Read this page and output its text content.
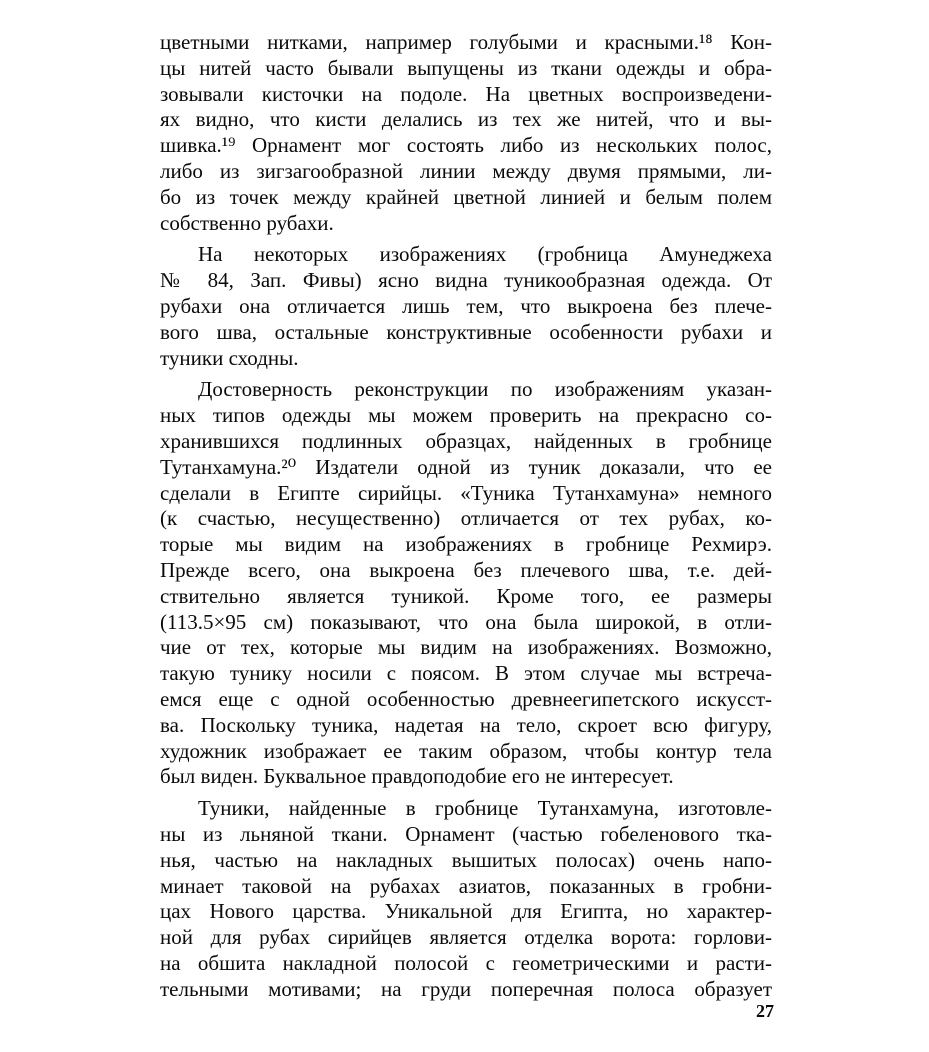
цветными нитками, например голубыми и красными.¹⁸ Кон-
цы нитей часто бывали выпущены из ткани одежды и обра-
зовывали кисточки на подоле. На цветных воспроизведени-
ях видно, что кисти делались из тех же нитей, что и вы-
шивка.¹⁹ Орнамент мог состоять либо из нескольких полос,
либо из зигзагообразной линии между двумя прямыми, ли-
бо из точек между крайней цветной линией и белым полем
собственно рубахи.
На некоторых изображениях (гробница Амунеджеха
№ 84, Зап. Фивы) ясно видна туникообразная одежда. От
рубахи она отличается лишь тем, что выкроена без плече-
вого шва, остальные конструктивные особенности рубахи и
туники сходны.
Достоверность реконструкции по изображениям указан-
ных типов одежды мы можем проверить на прекрасно со-
хранившихся подлинных образцах, найденных в гробнице
Тутанхамуна.²⁰ Издатели одной из туник доказали, что ее
сделали в Египте сирийцы. «Туника Тутанхамуна» немного
(к счастью, несущественно) отличается от тех рубах, ко-
торые мы видим на изображениях в гробнице Рехмирэ.
Прежде всего, она выкроена без плечевого шва, т.е. дей-
ствительно является туникой. Кроме того, ее размеры
(113.5×95 см) показывают, что она была широкой, в отли-
чие от тех, которые мы видим на изображениях. Возможно,
такую тунику носили с поясом. В этом случае мы встреча-
емся еще с одной особенностью древнеегипетского искусст-
ва. Поскольку туника, надетая на тело, скроет всю фигуру,
художник изображает ее таким образом, чтобы контур тела
был виден. Буквальное правдоподобие его не интересует.
Туники, найденные в гробнице Тутанхамуна, изготовле-
ны из льняной ткани. Орнамент (частью гобеленового тка-
нья, частью на накладных вышитых полосах) очень напо-
минает таковой на рубахах азиатов, показанных в гробни-
цах Нового царства. Уникальной для Египта, но характер-
ной для рубах сирийцев является отделка ворота: горлови-
на обшита накладной полосой с геометрическими и расти-
тельными мотивами; на груди поперечная полоса образует
27
